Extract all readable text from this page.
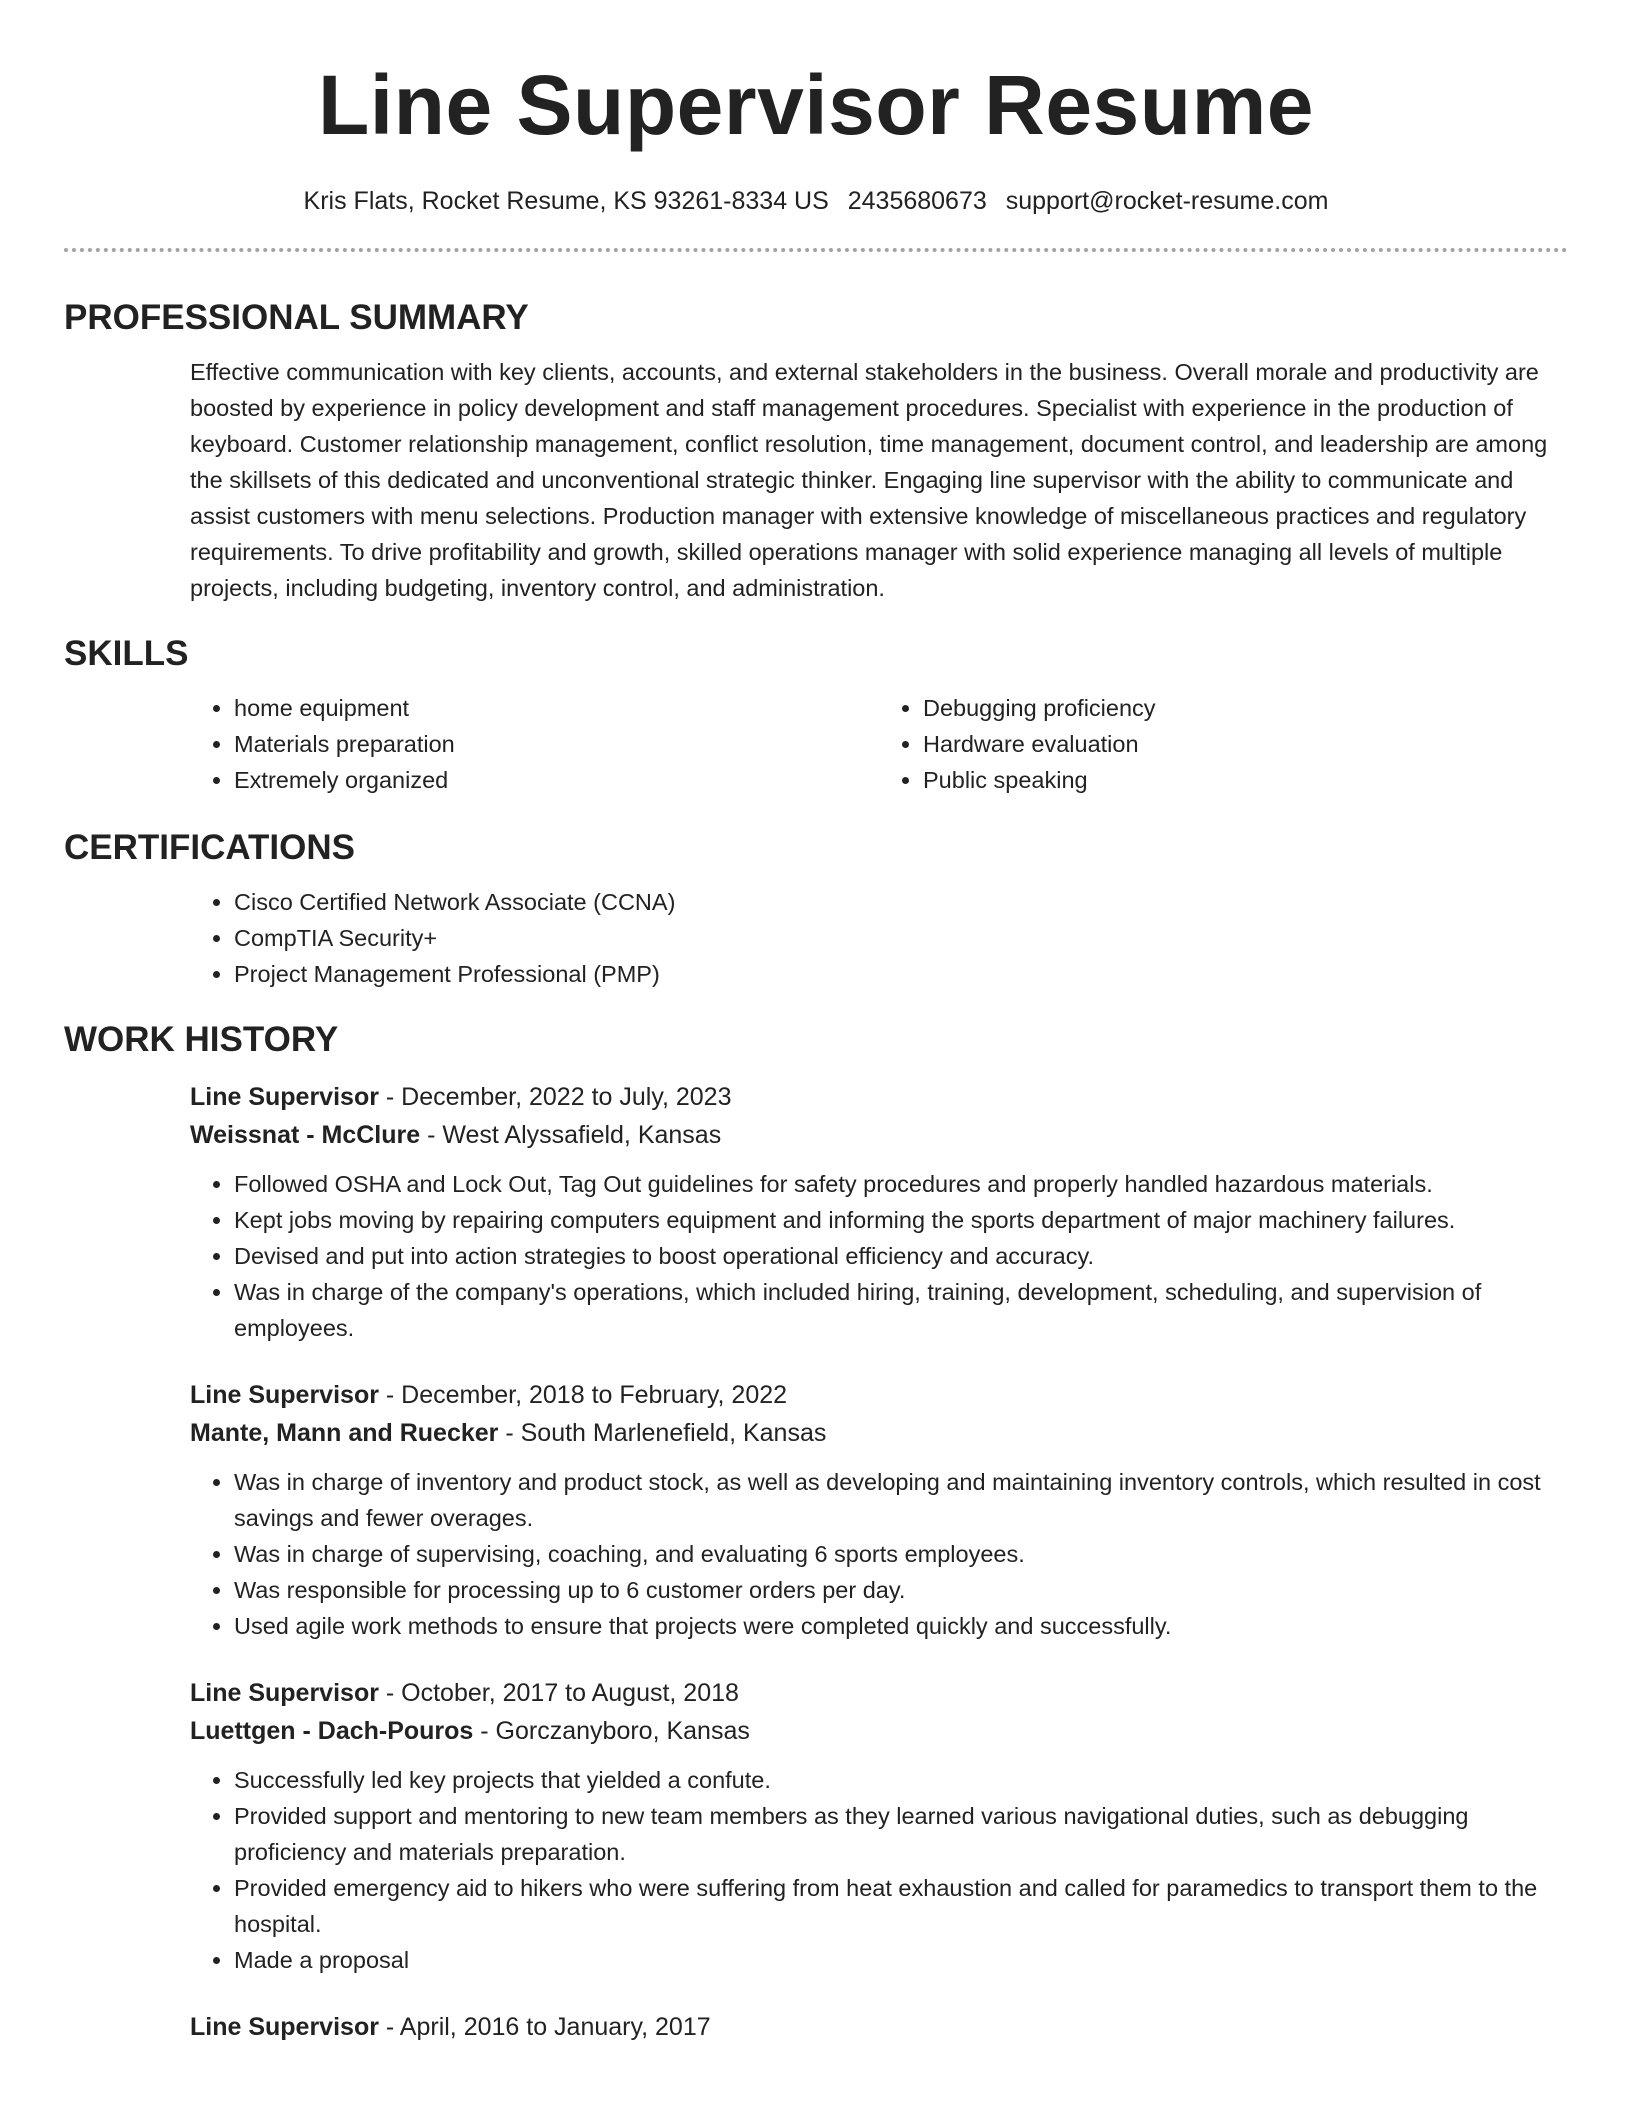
Line Supervisor Resume
Kris Flats, Rocket Resume, KS 93261-8334 US 2435680673 support@rocket-resume.com
PROFESSIONAL SUMMARY

Effective communication with key clients, accounts, and external stakeholders in the business. Overall morale and productivity are boosted by experience in policy development and staff management procedures. Specialist with experience in the production of keyboard. Customer relationship management, conflict resolution, time management, document control, and leadership are among the skillsets of this dedicated and unconventional strategic thinker. Engaging line supervisor with the ability to communicate and assist customers with menu selections. Production manager with extensive knowledge of miscellaneous practices and regulatory requirements. To drive profitability and growth, skilled operations manager with solid experience managing all levels of multiple projects, including budgeting, inventory control, and administration.

SKILLS
• home equipment
• Materials preparation
• Extremely organized
• Debugging proficiency
• Hardware evaluation
• Public speaking
CERTIFICATIONS
• Cisco Certified Network Associate (CCNA)
• CompTIA Security+
• Project Management Professional (PMP)
WORK HISTORY
Line Supervisor - December, 2022 to July, 2023
Weissnat - McClure - West Alyssafield, Kansas
• Followed OSHA and Lock Out, Tag Out guidelines for safety procedures and properly handled hazardous materials.
• Kept jobs moving by repairing computers equipment and informing the sports department of major machinery failures.
• Devised and put into action strategies to boost operational efficiency and accuracy.
• Was in charge of the company's operations, which included hiring, training, development, scheduling, and supervision of employees.
Line Supervisor - December, 2018 to February, 2022
Mante, Mann and Ruecker - South Marlenefield, Kansas
• Was in charge of inventory and product stock, as well as developing and maintaining inventory controls, which resulted in cost savings and fewer overages.
• Was in charge of supervising, coaching, and evaluating 6 sports employees.
• Was responsible for processing up to 6 customer orders per day.
• Used agile work methods to ensure that projects were completed quickly and successfully.
Line Supervisor - October, 2017 to August, 2018
Luettgen - Dach-Pouros - Gorczanyboro, Kansas
• Successfully led key projects that yielded a confute.
• Provided support and mentoring to new team members as they learned various navigational duties, such as debugging proficiency and materials preparation.
• Provided emergency aid to hikers who were suffering from heat exhaustion and called for paramedics to transport them to the hospital.
• Made a proposal
Line Supervisor - April, 2016 to January, 2017
